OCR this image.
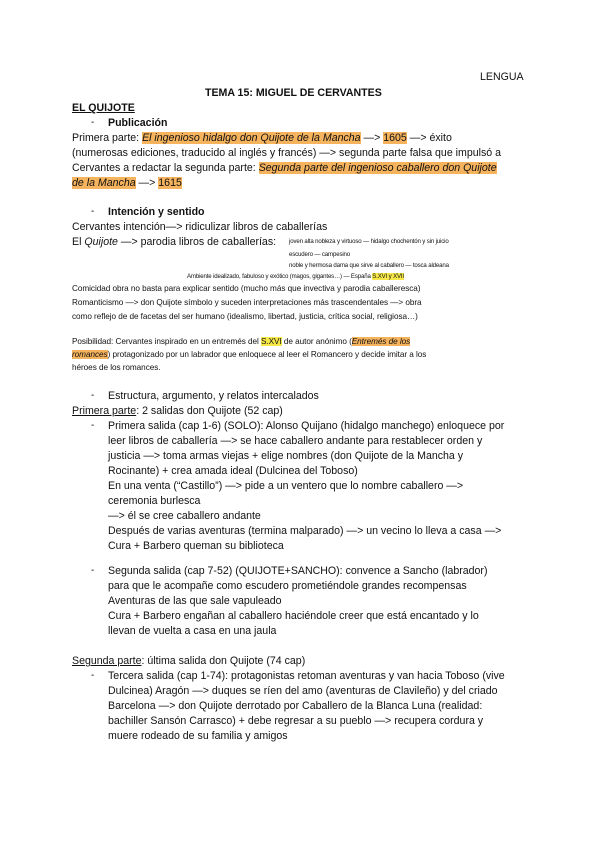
LENGUA
TEMA 15: MIGUEL DE CERVANTES
EL QUIJOTE
- Publicación
Primera parte: El ingenioso hidalgo don Quijote de la Mancha —> 1605 —> éxito
(numerosas ediciones, traducido al inglés y francés) —> segunda parte falsa que impulsó a
Cervantes a redactar la segunda parte: Segunda parte del ingenioso caballero don Quijote
de la Mancha —> 1615
- Intención y sentido
Cervantes intención—> ridiculizar libros de caballerías
El Quijote —> parodia libros de caballerías: joven alta nobleza y virtuoso — hidalgo chochentón y sin juicio
escudero — campesino
noble y hermosa dama que sirve al caballero — tosca aldeana
Ambiente idealizado, fabuloso y exótico (magos, gigantes…) — España S.XVI y XVII
Comicidad obra no basta para explicar sentido (mucho más que invectiva y parodia caballeresca)
Romanticismo —> don Quijote símbolo y suceden interpretaciones más trascendentales —> obra
como reflejo de de facetas del ser humano (idealismo, libertad, justicia, crítica social, religiosa…)
Posibilidad: Cervantes inspirado en un entremés del S.XVI de autor anónimo (Entremés de los
romances) protagonizado por un labrador que enloquece al leer el Romancero y decide imitar a los
héroes de los romances.
- Estructura, argumento, y relatos intercalados
Primera parte: 2 salidas don Quijote (52 cap)
- Primera salida (cap 1-6) (SOLO): Alonso Quijano (hidalgo manchego) enloquece por
leer libros de caballería —> se hace caballero andante para restablecer orden y
justicia —> toma armas viejas + elige nombres (don Quijote de la Mancha y
Rocinante) + crea amada ideal (Dulcinea del Toboso)
En una venta (“Castillo”) —> pide a un ventero que lo nombre caballero —>
ceremonia burlesca
—> él se cree caballero andante
Después de varias aventuras (termina malparado) —> un vecino lo lleva a casa —>
Cura + Barbero queman su biblioteca
- Segunda salida (cap 7-52) (QUIJOTE+SANCHO): convence a Sancho (labrador)
para que le acompañe como escudero prometiéndole grandes recompensas
Aventuras de las que sale vapuleado
Cura + Barbero engañan al caballero haciéndole creer que está encantado y lo
llevan de vuelta a casa en una jaula
Segunda parte: última salida don Quijote (74 cap)
- Tercera salida (cap 1-74): protagonistas retoman aventuras y van hacia Toboso (vive
Dulcinea) Aragón —> duques se ríen del amo (aventuras de Clavileño) y del criado
Barcelona —> don Quijote derrotado por Caballero de la Blanca Luna (realidad:
bachiller Sansón Carrasco) + debe regresar a su pueblo —> recupera cordura y
muere rodeado de su familia y amigos
